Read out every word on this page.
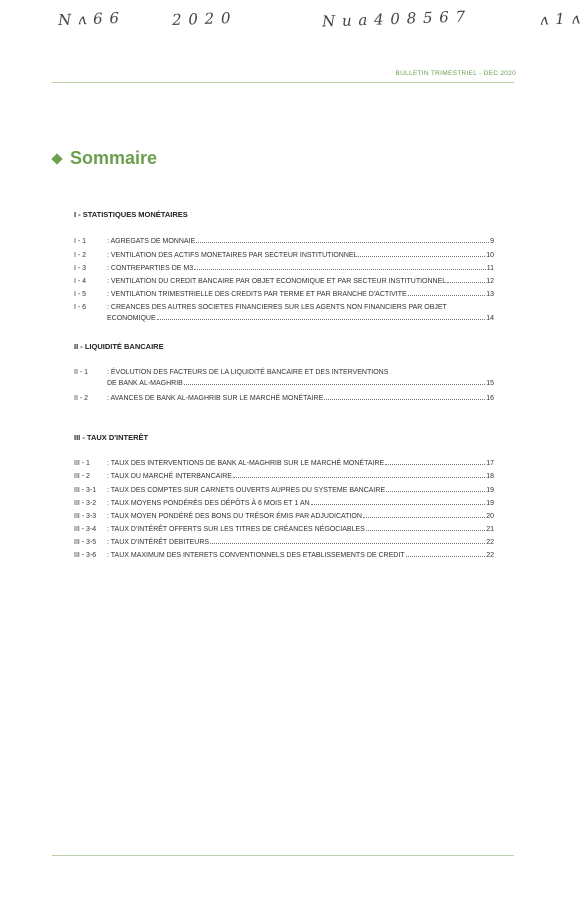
N ʌ 6 6	2 0 2 0	N u a 4 0 8 5 6 7	ʌ 1 ʌ
BULLETIN TRIMESTRIEL - DEC 2020
Sommaire
I - STATISTIQUES MONÉTAIRES
I - 1	: AGREGATS DE MONNAIE	9
I - 2	: VENTILATION DES ACTIFS MONETAIRES PAR SECTEUR INSTITUTIONNEL	10
I - 3	: CONTREPARTIES DE M3	11
I - 4	: VENTILATION DU CREDIT BANCAIRE PAR OBJET ECONOMIQUE ET PAR SECTEUR INSTITUTIONNEL	12
I - 5	: VENTILATION TRIMESTRIELLE DES CREDITS PAR TERME ET PAR BRANCHE D'ACTIVITE	13
I - 6	: CREANCES DES AUTRES SOCIETES FINANCIERES SUR LES AGENTS NON FINANCIERS PAR OBJET
ECONOMIQUE	14
II - LIQUIDITÉ BANCAIRE
II - 1	: ÉVOLUTION DES FACTEURS DE LA LIQUIDITÉ BANCAIRE ET DES INTERVENTIONS
DE BANK AL-MAGHRIB	15
II - 2	: AVANCES DE BANK AL-MAGHRIB SUR LE MARCHÉ MONÉTAIRE	16
III - TAUX D'INTERÊT
III - 1	: TAUX DES INTERVENTIONS DE BANK AL-MAGHRIB SUR LE MARCHÉ MONÉTAIRE	17
III - 2	: TAUX DU MARCHÉ INTERBANCAIRE	18
III - 3-1	: TAUX DES COMPTES SUR CARNETS OUVERTS AUPRES DU SYSTEME BANCAIRE	19
III - 3-2	: TAUX MOYENS PONDÉRÉS DES DÉPÔTS À 6 MOIS ET 1 AN	19
III - 3-3	: TAUX MOYEN PONDÉRÉ DES BONS DU TRÉSOR ÉMIS PAR ADJUDICATION	20
III - 3-4	: TAUX D'INTÉRÊT OFFERTS SUR LES TITRES DE CRÉANCES NÉGOCIABLES	21
III - 3-5	: TAUX D'INTÉRÊT DEBITEURS	22
III - 3-6	: TAUX MAXIMUM DES INTERETS CONVENTIONNELS DES ETABLISSEMENTS DE CREDIT	22
